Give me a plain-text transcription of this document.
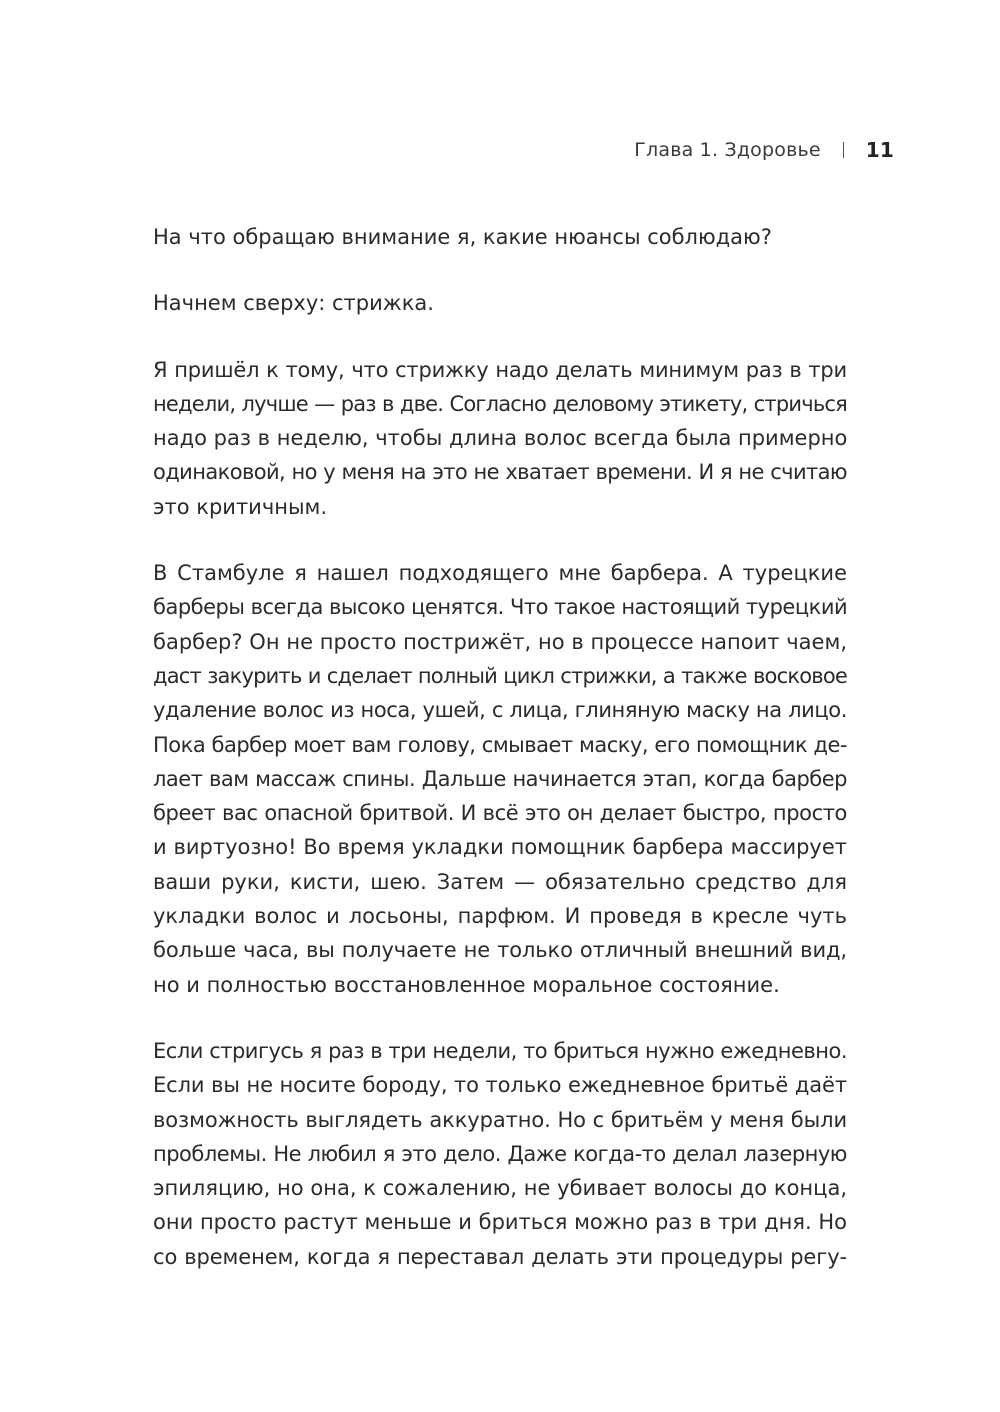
Глава 1. Здоровье 11
На что обращаю внимание я, какие нюансы соблюдаю?
Начнем сверху: стрижка.
Я пришёл к тому, что стрижку надо делать минимум раз в три
недели, лучше — раз в две. Согласно деловому этикету, стричься
надо раз в неделю, чтобы длина волос всегда была примерно
одинаковой, но у меня на это не хватает времени. И я не считаю
это критичным.
В Стамбуле я нашел подходящего мне барбера. А турецкие
барберы всегда высоко ценятся. Что такое настоящий турецкий
барбер? Он не просто пострижёт, но в процессе напоит чаем,
даст закурить и сделает полный цикл стрижки, а также восковое
удаление волос из носа, ушей, с лица, глиняную маску на лицо.
Пока барбер моет вам голову, смывает маску, его помощник де-
лает вам массаж спины. Дальше начинается этап, когда барбер
бреет вас опасной бритвой. И всё это он делает быстро, просто
и виртуозно! Во время укладки помощник барбера массирует
ваши руки, кисти, шею. Затем — обязательно средство для
укладки волос и лосьоны, парфюм. И проведя в кресле чуть
больше часа, вы получаете не только отличный внешний вид,
но и полностью восстановленное моральное состояние.
Если стригусь я раз в три недели, то бриться нужно ежедневно.
Если вы не носите бороду, то только ежедневное бритьё даёт
возможность выглядеть аккуратно. Но с бритьём у меня были
проблемы. Не любил я это дело. Даже когда-то делал лазерную
эпиляцию, но она, к сожалению, не убивает волосы до конца,
они просто растут меньше и бриться можно раз в три дня. Но
со временем, когда я переставал делать эти процедуры регу-
